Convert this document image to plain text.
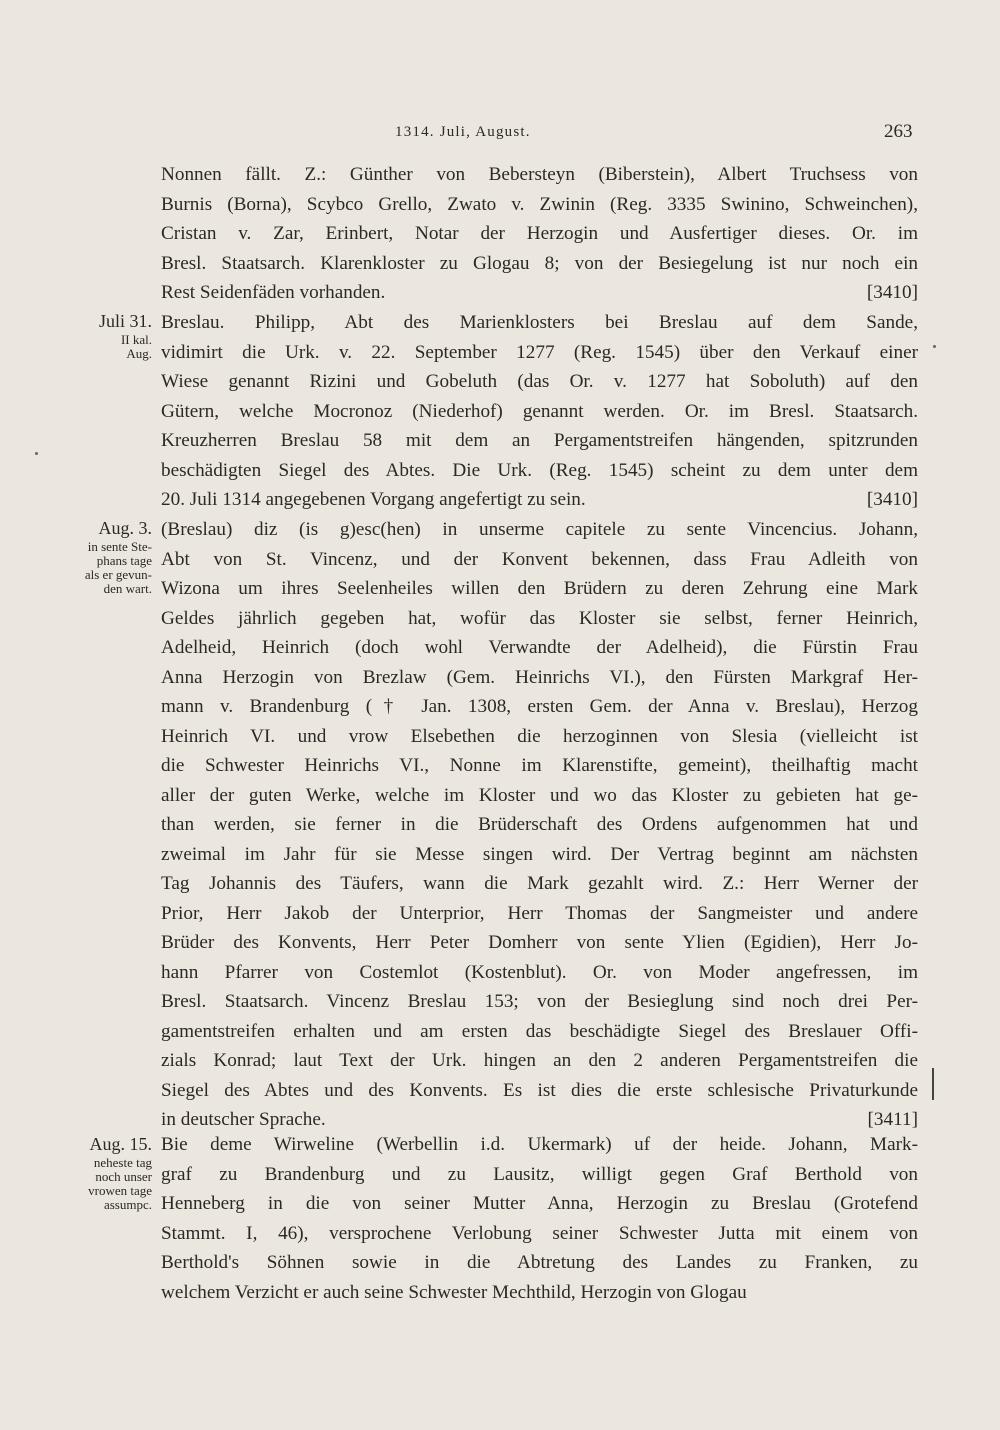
1314. Juli, August.	263
Juli 31.
II kal.
Aug.
Aug. 3.
in sente Ste-
phans tage
als er gevun-
den wart.
Aug. 15.
neheste tag
noch unser
vrowen tage
assumpc.
Nonnen fällt. Z.: Günther von Bebersteyn (Biberstein), Albert Truchsess von
Burnis (Borna), Scybco Grello, Zwato v. Zwinin (Reg. 3335 Swinino, Schweinchen),
Cristan v. Zar, Erinbert, Notar der Herzogin und Ausfertiger dieses. Or. im
Bresl. Staatsarch. Klarenkloster zu Glogau 8; von der Besiegelung ist nur noch ein
Rest Seidenfäden vorhanden.	[3410]
Breslau. Philipp, Abt des Marienklosters bei Breslau auf dem Sande,
vidimirt die Urk. v. 22. September 1277 (Reg. 1545) über den Verkauf einer
Wiese genannt Rizini und Gobeluth (das Or. v. 1277 hat Soboluth) auf den
Gütern, welche Mocronoz (Niederhof) genannt werden. Or. im Bresl. Staatsarch.
Kreuzherren Breslau 58 mit dem an Pergamentstreifen hängenden, spitzrunden
beschädigten Siegel des Abtes. Die Urk. (Reg. 1545) scheint zu dem unter dem
20. Juli 1314 angegebenen Vorgang angefertigt zu sein.	[3410]
(Breslau) diz (is g)esc(hen) in unserme capitele zu sente Vincencius. Johann,
Abt von St. Vincenz, und der Konvent bekennen, dass Frau Adleith von
Wizona um ihres Seelenheiles willen den Brüdern zu deren Zehrung eine Mark
Geldes jährlich gegeben hat, wofür das Kloster sie selbst, ferner Heinrich,
Adelheid, Heinrich (doch wohl Verwandte der Adelheid), die Fürstin Frau
Anna Herzogin von Brezlaw (Gem. Heinrichs VI.), den Fürsten Markgraf Her-
mann v. Brandenburg († Jan. 1308, ersten Gem. der Anna v. Breslau), Herzog
Heinrich VI. und vrow Elsebethen die herzoginnen von Slesia (vielleicht ist
die Schwester Heinrichs VI., Nonne im Klarenstifte, gemeint), theilhaftig macht
aller der guten Werke, welche im Kloster und wo das Kloster zu gebieten hat ge-
than werden, sie ferner in die Brüderschaft des Ordens aufgenommen hat und
zweimal im Jahr für sie Messe singen wird. Der Vertrag beginnt am nächsten
Tag Johannis des Täufers, wann die Mark gezahlt wird. Z.: Herr Werner der
Prior, Herr Jakob der Unterprior, Herr Thomas der Sangmeister und andere
Brüder des Konvents, Herr Peter Domherr von sente Ylien (Egidien), Herr Jo-
hann Pfarrer von Costemlot (Kostenblut). Or. von Moder angefressen, im
Bresl. Staatsarch. Vincenz Breslau 153; von der Besieglung sind noch drei Per-
gamentstreifen erhalten und am ersten das beschädigte Siegel des Breslauer Offi-
zials Konrad; laut Text der Urk. hingen an den 2 anderen Pergamentstreifen die
Siegel des Abtes und des Konvents. Es ist dies die erste schlesische Privaturkunde
in deutscher Sprache.	[3411]
Bie deme Wirweline (Werbellin i.d. Ukermark) uf der heide. Johann, Mark-
graf zu Brandenburg und zu Lausitz, willigt gegen Graf Berthold von
Henneberg in die von seiner Mutter Anna, Herzogin zu Breslau (Grotefend
Stammt. I, 46), versprochene Verlobung seiner Schwester Jutta mit einem von
Berthold's Söhnen sowie in die Abtretung des Landes zu Franken, zu
welchem Verzicht er auch seine Schwester Mechthild, Herzogin von Glogau
